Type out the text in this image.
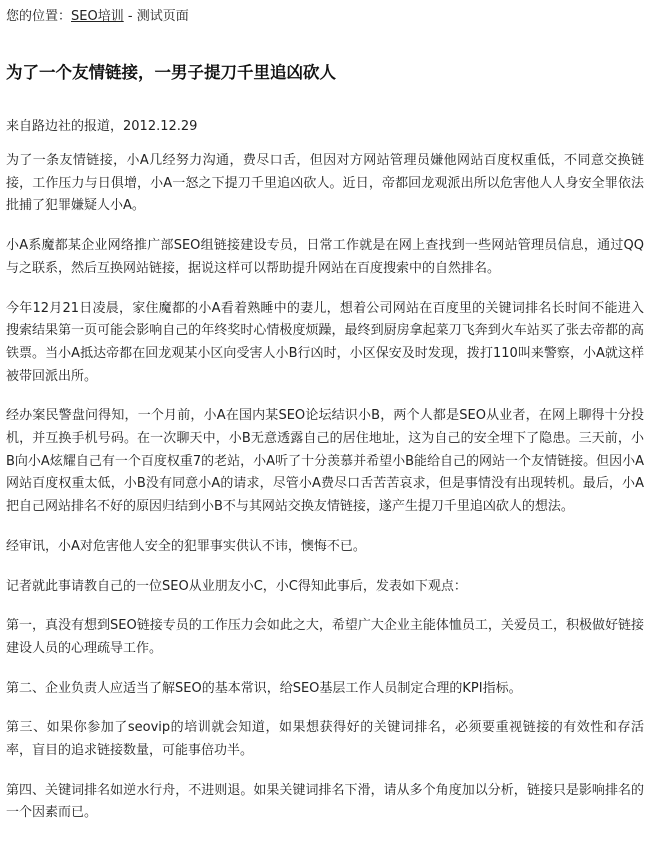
您的位置：SEO培训 - 测试页面
为了一个友情链接，一男子提刀千里追凶砍人
来自路边社的报道，2012.12.29

为了一条友情链接，小A几经努力沟通，费尽口舌，但因对方网站管理员嫌他网站百度权重低，不同意交换链接，工作压力与日俱增，小A一怒之下提刀千里追凶砍人。近日，帝都回龙观派出所以危害他人人身安全罪依法批捕了犯罪嫌疑人小A。

小A系魔都某企业网络推广部SEO组链接建设专员，日常工作就是在网上查找到一些网站管理员信息，通过QQ与之联系，然后互换网站链接，据说这样可以帮助提升网站在百度搜索中的自然排名。

今年12月21日凌晨，家住魔都的小A看着熟睡中的妻儿，想着公司网站在百度里的关键词排名长时间不能进入搜索结果第一页可能会影响自己的年终奖时心情极度烦躁，最终到厨房拿起菜刀飞奔到火车站买了张去帝都的高铁票。当小A抵达帝都在回龙观某小区向受害人小B行凶时，小区保安及时发现，拨打110叫来警察，小A就这样被带回派出所。

经办案民警盘问得知，一个月前，小A在国内某SEO论坛结识小B，两个人都是SEO从业者，在网上聊得十分投机，并互换手机号码。在一次聊天中，小B无意透露自己的居住地址，这为自己的安全埋下了隐患。三天前，小B向小A炫耀自己有一个百度权重7的老站，小A听了十分羡慕并希望小B能给自己的网站一个友情链接。但因小A网站百度权重太低，小B没有同意小A的请求，尽管小A费尽口舌苦苦哀求，但是事情没有出现转机。最后，小A把自己网站排名不好的原因归结到小B不与其网站交换友情链接，遂产生提刀千里追凶砍人的想法。

经审讯，小A对危害他人安全的犯罪事实供认不讳，懊悔不已。

记者就此事请教自己的一位SEO从业朋友小C，小C得知此事后，发表如下观点：

第一，真没有想到SEO链接专员的工作压力会如此之大，希望广大企业主能体恤员工，关爱员工，积极做好链接建设人员的心理疏导工作。

第二、企业负责人应适当了解SEO的基本常识，给SEO基层工作人员制定合理的KPI指标。

第三、如果你参加了seovip的培训就会知道，如果想获得好的关键词排名，必须要重视链接的有效性和存活率，盲目的追求链接数量，可能事倍功半。

第四、关键词排名如逆水行舟，不进则退。如果关键词排名下滑，请从多个角度加以分析，链接只是影响排名的一个因素而已。
